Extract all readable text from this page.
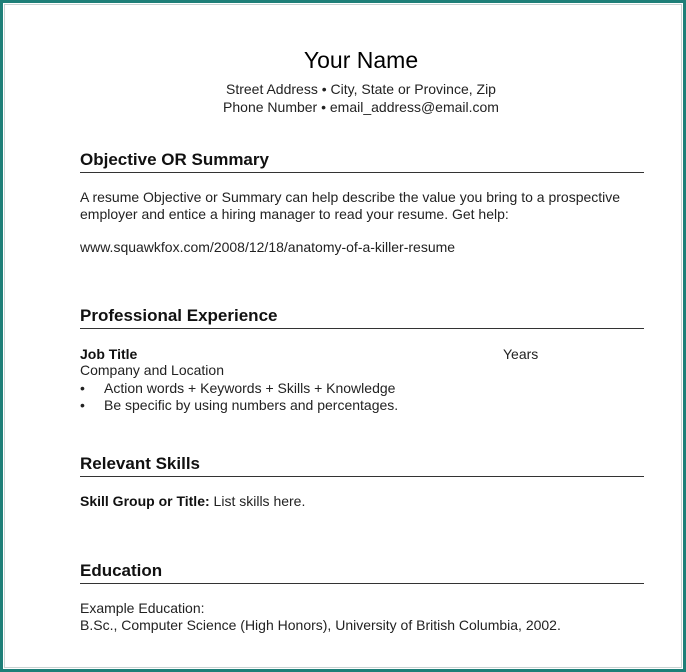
Your Name
Street Address • City, State or Province, Zip
Phone Number • email_address@email.com
Objective OR Summary
A resume Objective or Summary can help describe the value you bring to a prospective
employer and entice a hiring manager to read your resume. Get help:
www.squawkfox.com/2008/12/18/anatomy-of-a-killer-resume
Professional Experience
Job Title	Years
Company and Location
• Action words + Keywords + Skills + Knowledge
• Be specific by using numbers and percentages.
Relevant Skills
Skill Group or Title: List skills here.
Education
Example Education:
B.Sc., Computer Science (High Honors), University of British Columbia, 2002.
